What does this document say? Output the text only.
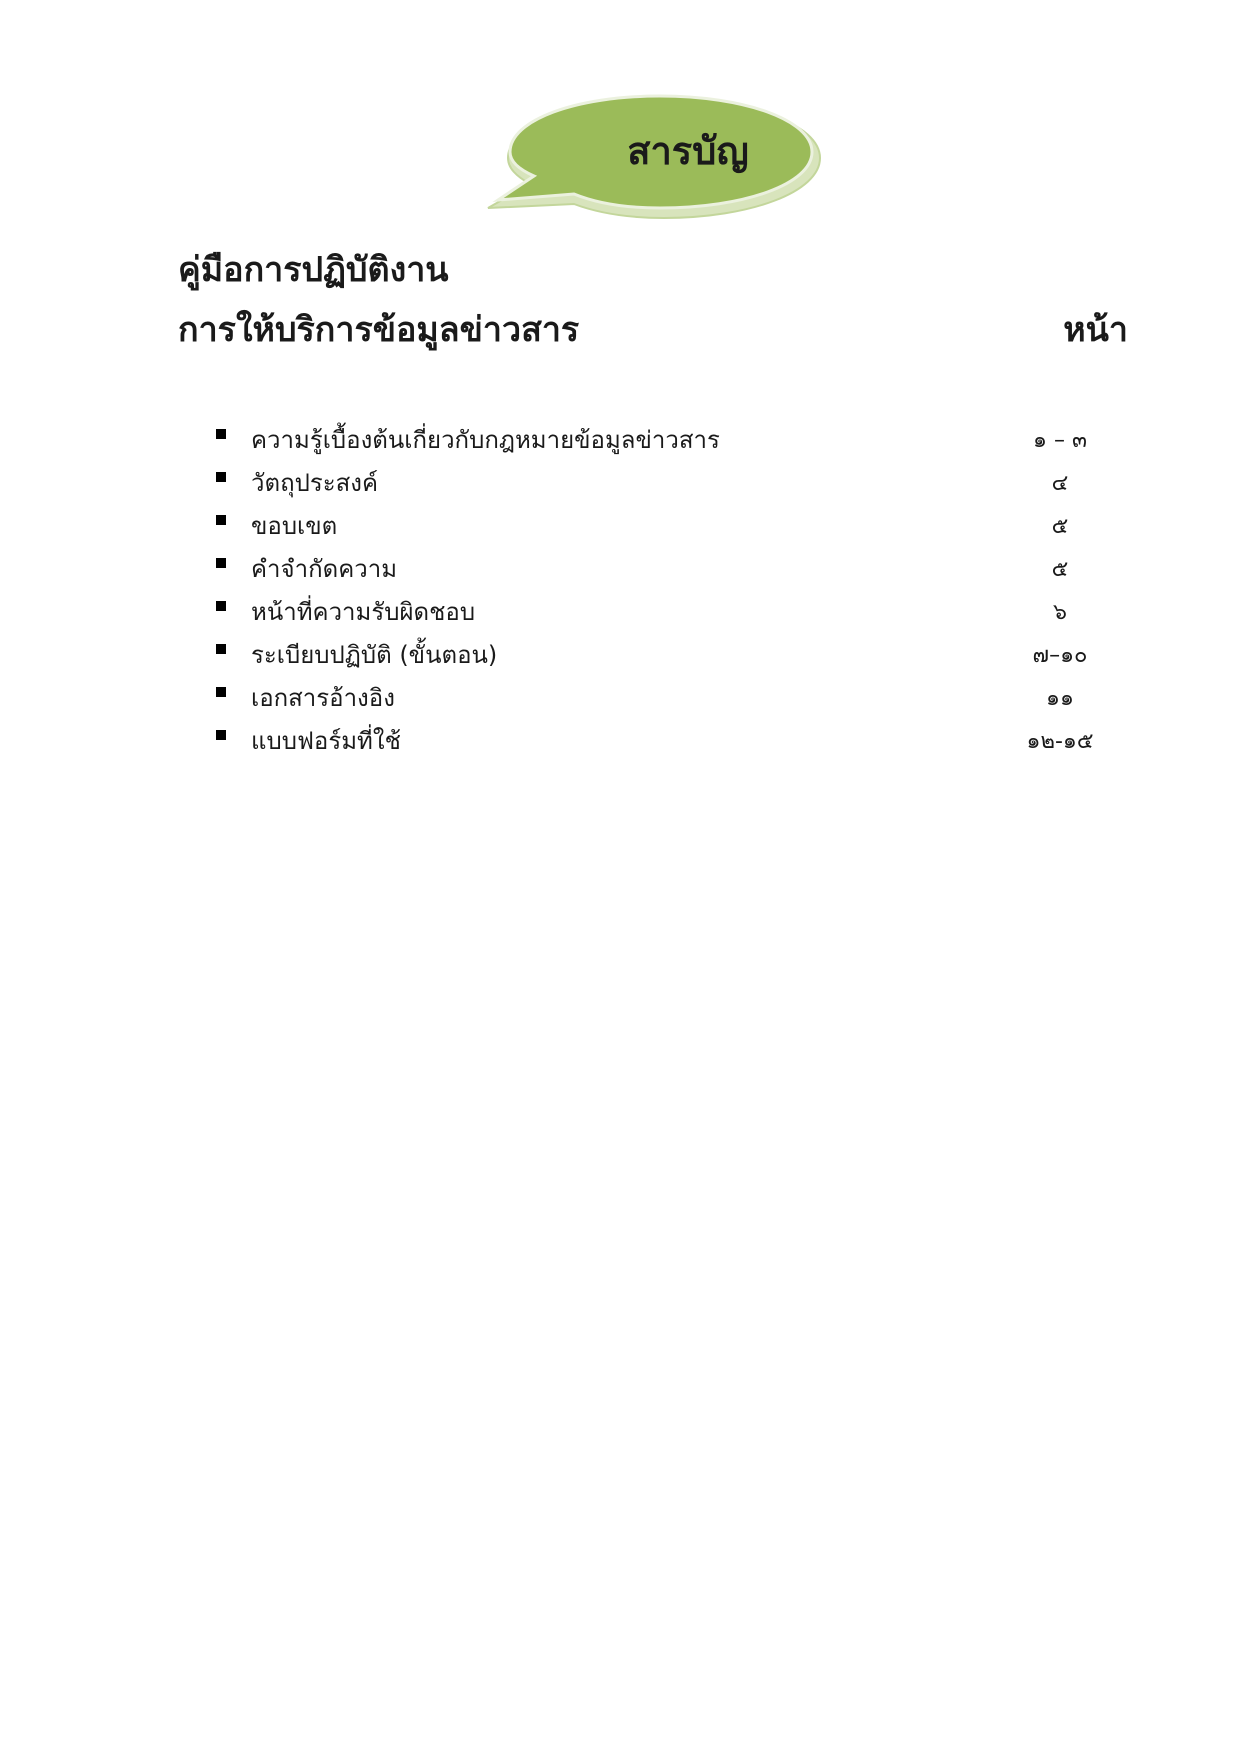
สารบัญ
คู่มือการปฏิบัติงาน
การให้บริการข้อมูลข่าวสาร	หน้า
ความรู้เบื้องต้นเกี่ยวกับกฎหมายข้อมูลข่าวสาร	๑ – ๓
วัตถุประสงค์	๔
ขอบเขต	๕
คำจำกัดความ	๕
หน้าที่ความรับผิดชอบ	๖
ระเบียบปฏิบัติ (ขั้นตอน)	๗–๑๐
เอกสารอ้างอิง	๑๑
แบบฟอร์มที่ใช้	๑๒-๑๕
